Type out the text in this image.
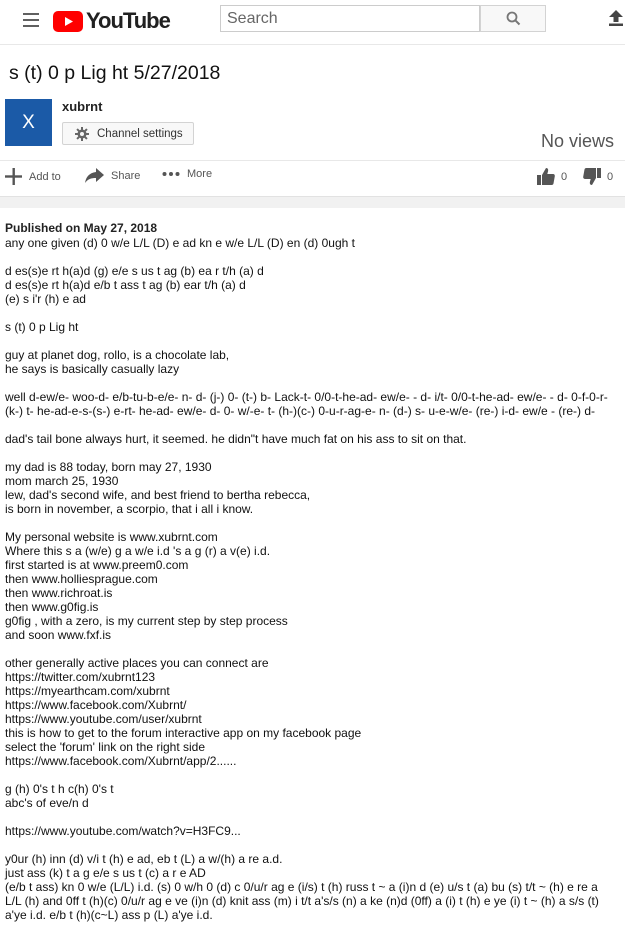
YouTube
Search
s (t) 0 p Lig ht 5/27/2018
X
xubrnt
Channel settings	No views
Add to	Share	More	0	0
Published on May 27, 2018
any one given (d) 0 w/e L/L (D) e ad kn e w/e L/L (D) en (d) 0ugh t

d es(s)e rt h(a)d (g) e/e s us t ag (b) ea r t/h (a) d
d es(s)e rt h(a)d e/b t ass t ag (b) ear t/h (a) d
(e) s i'r (h) e ad

s (t) 0 p Lig ht

guy at planet dog, rollo, is a chocolate lab,
he says is basically casually lazy

well d-ew/e- woo-d- e/b-tu-b-e/e- n- d- (j-) 0- (t-) b- Lack-t- 0/0-t-he-ad- ew/e- - d- i/t- 0/0-t-he-ad- ew/e- - d- 0-f-0-r-(k-) t- he-ad-e-s-(s-) e-rt- he-ad- ew/e- d- 0- w/-e- t- (h-)(c-) 0-u-r-ag-e- n- (d-) s- u-e-w/e- (re-) i-d- ew/e - (re-) d-

dad's tail bone always hurt, it seemed. he didn"t have much fat on his ass to sit on that.

my dad is 88 today, born may 27, 1930
mom march 25, 1930
lew, dad's second wife, and best friend to bertha rebecca,
is born in november, a scorpio, that i all i know.

My personal website is www.xubrnt.com
Where this s a (w/e) g a w/e i.d 's a g (r) a v(e) i.d.
first started is at www.preem0.com
then www.holliesprague.com
then www.richroat.is
then www.g0fig.is
g0fig , with a zero, is my current step by step process
and soon www.fxf.is

other generally active places you can connect are
https://twitter.com/xubrnt123
https://myearthcam.com/xubrnt
https://www.facebook.com/Xubrnt/
https://www.youtube.com/user/xubrnt
this is how to get to the forum interactive app on my facebook page
select the 'forum' link on the right side
https://www.facebook.com/Xubrnt/app/2......

g (h) 0's t h c(h) 0's t
abc's of eve/n d

https://www.youtube.com/watch?v=H3FC9...

y0ur (h) inn (d) v/i t (h) e ad, eb t (L) a w/(h) a re a.d.
just ass (k) t a g e/e s us t (c) a r e AD
(e/b t ass) kn 0 w/e (L/L) i.d. (s) 0 w/h 0 (d) c 0/u/r ag e (i/s) t (h) russ t ~ a (i)n d (e) u/s t (a) bu (s) t/t ~ (h) e re a L/L (h) and 0ff t (h)(c) 0/u/r ag e ve (i)n (d) knit ass (m) i t/t a's/s (n) a ke (n)d (0ff) a (i) t (h) e ye (i) t ~ (h) a s/s (t) a'ye i.d. e/b t (h)(c~L) ass p (L) a'ye i.d.
